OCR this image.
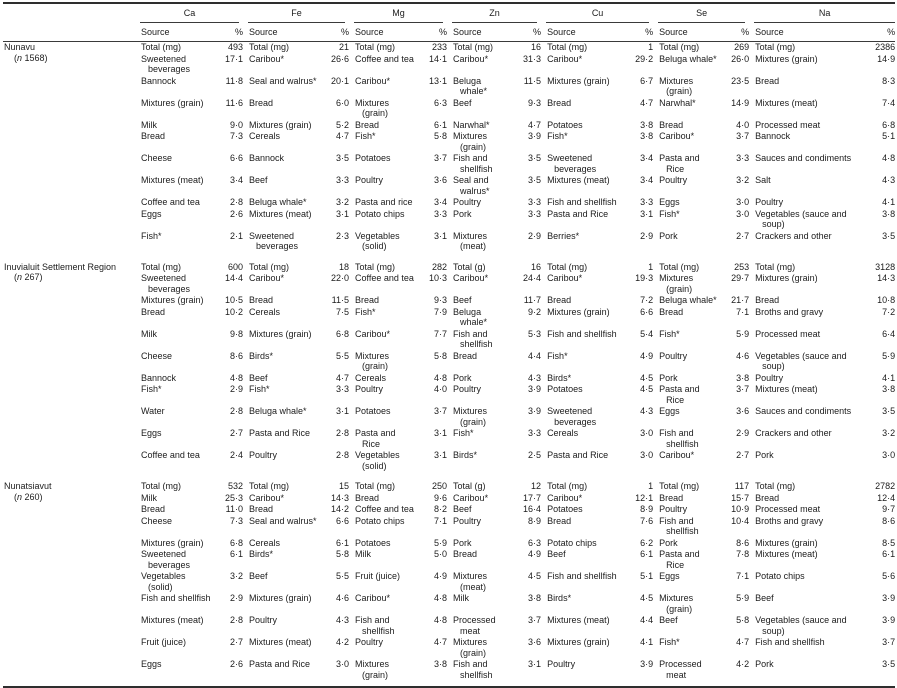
	Ca		Fe		Mg		Zn		Cu		Se		Na	

	Source	%	Source	%	Source	%	Source	%	Source	%	Source	%	Source	%

Nunavu
(n 1568)	Total (mg)	493	Total (mg)	21	Total (mg)	233	Total (mg)	16	Total (mg)	1	Total (mg)	269	Total (mg)	2386
	Sweetened beverages	17·1	Caribou*	26·6	Coffee and tea	14·1	Caribou*	31·3	Caribou*	29·2	Beluga whale*	26·0	Mixtures (grain)	14·9
	Bannock	11·8	Seal and walrus*	20·1	Caribou*	13·1	Beluga whale*	11·5	Mixtures (grain)	6·7	Mixtures (grain)	23·5	Bread	8·3
	Mixtures (grain)	11·6	Bread	6·0	Mixtures (grain)	6·3	Beef	9·3	Bread	4·7	Narwhal*	14·9	Mixtures (meat)	7·4
	Milk	9·0	Mixtures (grain)	5·2	Bread	6·1	Narwhal*	4·7	Potatoes	3·8	Bread	4·0	Processed meat	6·8
	Bread	7·3	Cereals	4·7	Fish*	5·8	Mixtures (grain)	3·9	Fish*	3·8	Caribou*	3·7	Bannock	5·1
	Cheese	6·6	Bannock	3·5	Potatoes	3·7	Fish and shellfish	3·5	Sweetened beverages	3·4	Pasta and Rice	3·3	Sauces and condiments	4·8
	Mixtures (meat)	3·4	Beef	3·3	Poultry	3·6	Seal and walrus*	3·5	Mixtures (meat)	3·4	Poultry	3·2	Salt	4·3
	Coffee and tea	2·8	Beluga whale*	3·2	Pasta and rice	3·4	Poultry	3·3	Fish and shellfish	3·3	Eggs	3·0	Poultry	4·1
	Eggs	2·6	Mixtures (meat)	3·1	Potato chips	3·3	Pork	3·3	Pasta and Rice	3·1	Fish*	3·0	Vegetables (sauce and soup)	3·8
	Fish*	2·1	Sweetened beverages	2·3	Vegetables (solid)	3·1	Mixtures (meat)	2·9	Berries*	2·9	Pork	2·7	Crackers and other	3·5

Inuvialuit Settlement Region
(n 267)	Total (mg)	600	Total (mg)	18	Total (mg)	282	Total (g)	16	Total (mg)	1	Total (mg)	253	Total (mg)	3128
	Sweetened beverages	14·4	Caribou*	22·0	Coffee and tea	10·3	Caribou*	24·4	Caribou*	19·3	Mixtures (grain)	29·7	Mixtures (grain)	14·3
	Mixtures (grain)	10·5	Bread	11·5	Bread	9·3	Beef	11·7	Bread	7·2	Beluga whale*	21·7	Bread	10·8
	Bread	10·2	Cereals	7·5	Fish*	7·9	Beluga whale*	9·2	Mixtures (grain)	6·6	Bread	7·1	Broths and gravy	7·2
	Milk	9·8	Mixtures (grain)	6·8	Caribou*	7·7	Fish and shellfish	5·3	Fish and shellfish	5·4	Fish*	5·9	Processed meat	6·4
	Cheese	8·6	Birds*	5·5	Mixtures (grain)	5·8	Bread	4·4	Fish*	4·9	Poultry	4·6	Vegetables (sauce and soup)	5·9
	Bannock	4·8	Beef	4·7	Cereals	4·8	Pork	4·3	Birds*	4·5	Pork	3·8	Poultry	4·1
	Fish*	2·9	Fish*	3·3	Poultry	4·0	Poultry	3·9	Potatoes	4·5	Pasta and Rice	3·7	Mixtures (meat)	3·8
	Water	2·8	Beluga whale*	3·1	Potatoes	3·7	Mixtures (grain)	3·9	Sweetened beverages	4·3	Eggs	3·6	Sauces and condiments	3·5
	Eggs	2·7	Pasta and Rice	2·8	Pasta and Rice	3·1	Fish*	3·3	Cereals	3·0	Fish and shellfish	2·9	Crackers and other	3·2
	Coffee and tea	2·4	Poultry	2·8	Vegetables (solid)	3·1	Birds*	2·5	Pasta and Rice	3·0	Caribou*	2·7	Pork	3·0

Nunatsiavut
(n 260)	Total (mg)	532	Total (mg)	15	Total (mg)	250	Total (g)	12	Total (mg)	1	Total (mg)	117	Total (mg)	2782
	Milk	25·3	Caribou*	14·3	Bread	9·6	Caribou*	17·7	Caribou*	12·1	Bread	15·7	Bread	12·4
	Bread	11·0	Bread	14·2	Coffee and tea	8·2	Beef	16·4	Potatoes	8·9	Poultry	10·9	Processed meat	9·7
	Cheese	7·3	Seal and walrus*	6·6	Potato chips	7·1	Poultry	8·9	Bread	7·6	Fish and shellfish	10·4	Broths and gravy	8·6
	Mixtures (grain)	6·8	Cereals	6·1	Potatoes	5·9	Pork	6·3	Potato chips	6·2	Pork	8·6	Mixtures (grain)	8·5
	Sweetened beverages	6·1	Birds*	5·8	Milk	5·0	Bread	4·9	Beef	6·1	Pasta and Rice	7·8	Mixtures (meat)	6·1
	Vegetables (solid)	3·2	Beef	5·5	Fruit (juice)	4·9	Mixtures (meat)	4·5	Fish and shellfish	5·1	Eggs	7·1	Potato chips	5·6
	Fish and shellfish	2·9	Mixtures (grain)	4·6	Caribou*	4·8	Milk	3·8	Birds*	4·5	Mixtures (grain)	5·9	Beef	3·9
	Mixtures (meat)	2·8	Poultry	4·3	Fish and shellfish	4·8	Processed meat	3·7	Mixtures (meat)	4·4	Beef	5·8	Vegetables (sauce and soup)	3·9
	Fruit (juice)	2·7	Mixtures (meat)	4·2	Poultry	4·7	Mixtures (grain)	3·6	Mixtures (grain)	4·1	Fish*	4·7	Fish and shellfish	3·7
	Eggs	2·6	Pasta and Rice	3·0	Mixtures (grain)	3·8	Fish and shellfish	3·1	Poultry	3·9	Processed meat	4·2	Pork	3·5
